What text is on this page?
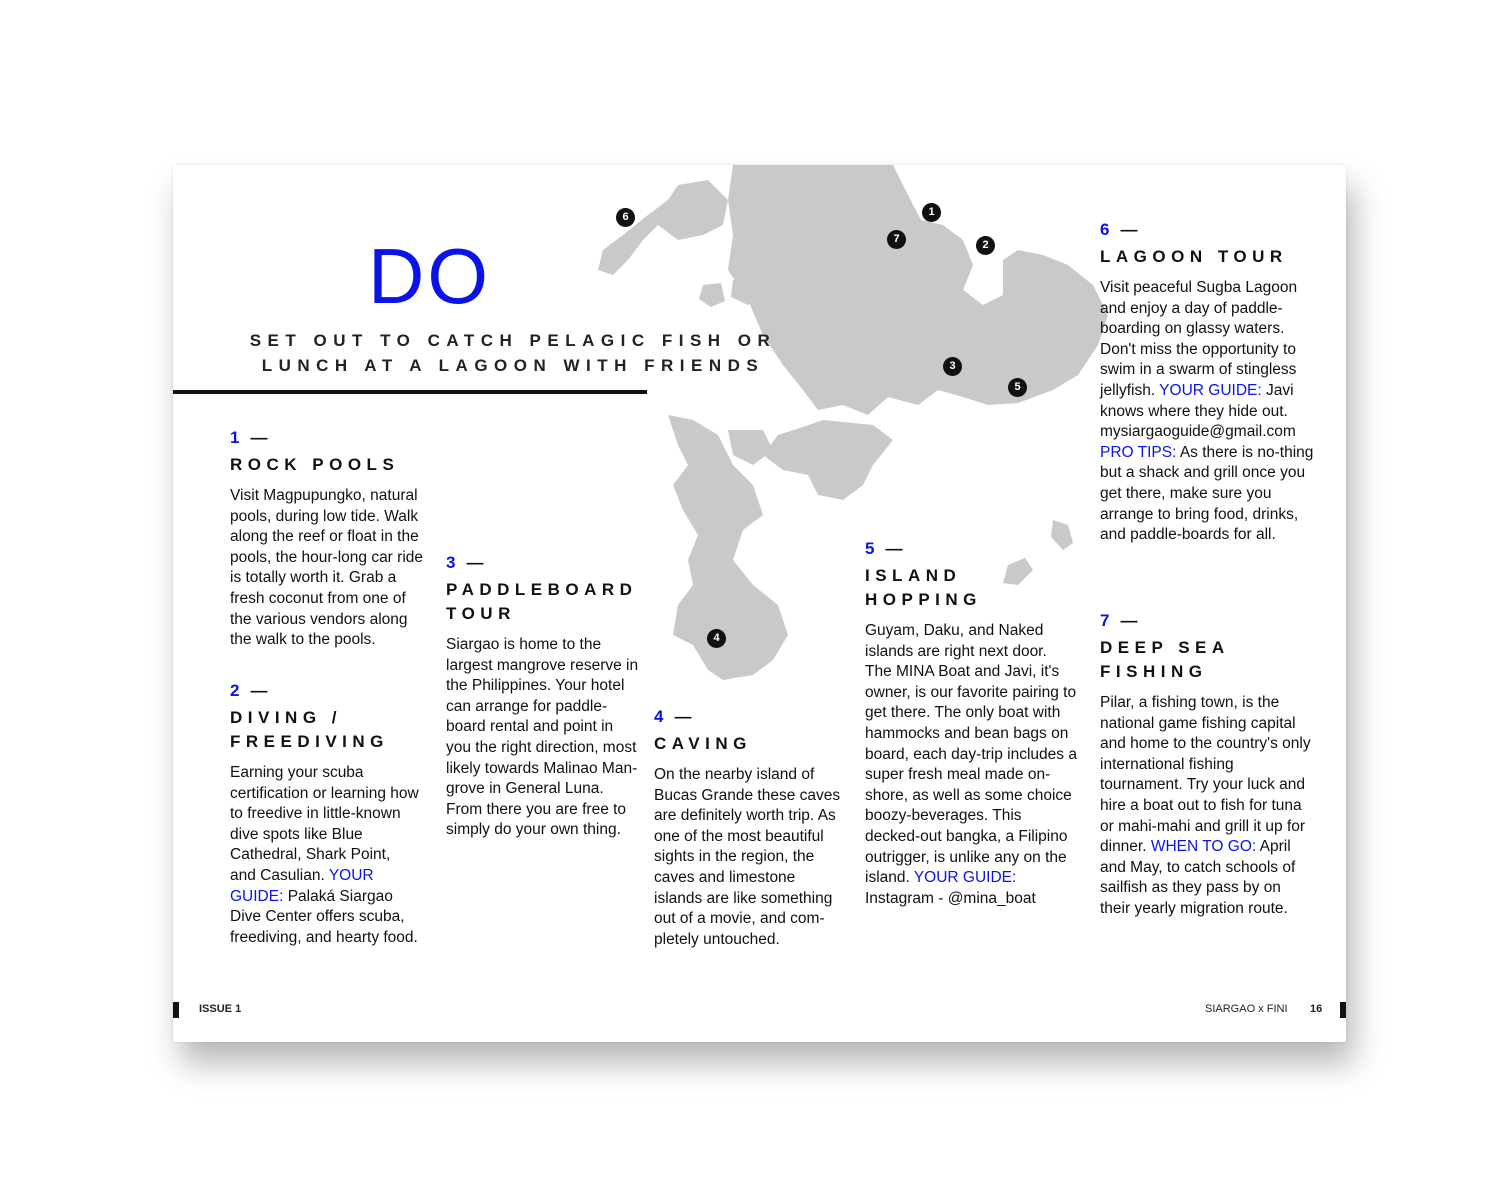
1
2
3
4
5
6
7
DO
SET OUT TO CATCH PELAGIC FISH OR LUNCH AT A LAGOON WITH FRIENDS
1 —
ROCK POOLS
Visit Magpupungko, natural pools, during low tide. Walk along the reef or float in the pools, the hour-long car ride is totally worth it. Grab a fresh coconut from one of the various vendors along the walk to the pools.
2 —
DIVING / FREEDIVING
Earning your scuba certification or learning how to freedive in little-known dive spots like Blue Cathedral, Shark Point, and Casulian. YOUR GUIDE: Palaká Siargao Dive Center offers scuba, freediving, and hearty food.
3 —
PADDLEBOARD TOUR
Siargao is home to the largest mangrove reserve in the Philippines. Your hotel can arrange for paddle-board rental and point in you the right direction, most likely towards Malinao Man-grove in General Luna. From there you are free to simply do your own thing.
4 —
CAVING
On the nearby island of Bucas Grande these caves are definitely worth trip. As one of the most beautiful sights in the region, the caves and limestone islands are like something out of a movie, and com-pletely untouched.
5 —
ISLAND HOPPING
Guyam, Daku, and Naked islands are right next door. The MINA Boat and Javi, it's owner, is our favorite pairing to get there. The only boat with hammocks and bean bags on board, each day-trip includes a super fresh meal made on-shore, as well as some choice boozy-beverages. This decked-out bangka, a Filipino outrigger, is unlike any on the island. YOUR GUIDE: Instagram - @mina_boat
6 —
LAGOON TOUR
Visit peaceful Sugba Lagoon and enjoy a day of paddle-boarding on glassy waters. Don't miss the opportunity to swim in a swarm of stingless jellyfish. YOUR GUIDE: Javi knows where they hide out. mysiargaoguide@gmail.com PRO TIPS: As there is no-thing but a shack and grill once you get there, make sure you arrange to bring food, drinks, and paddle-boards for all.
7 —
DEEP SEA FISHING
Pilar, a fishing town, is the national game fishing capital and home to the country's only international fishing tournament. Try your luck and hire a boat out to fish for tuna or mahi-mahi and grill it up for dinner. WHEN TO GO: April and May, to catch schools of sailfish as they pass by on their yearly migration route.
ISSUE 1	SIARGAO x FINI 16
